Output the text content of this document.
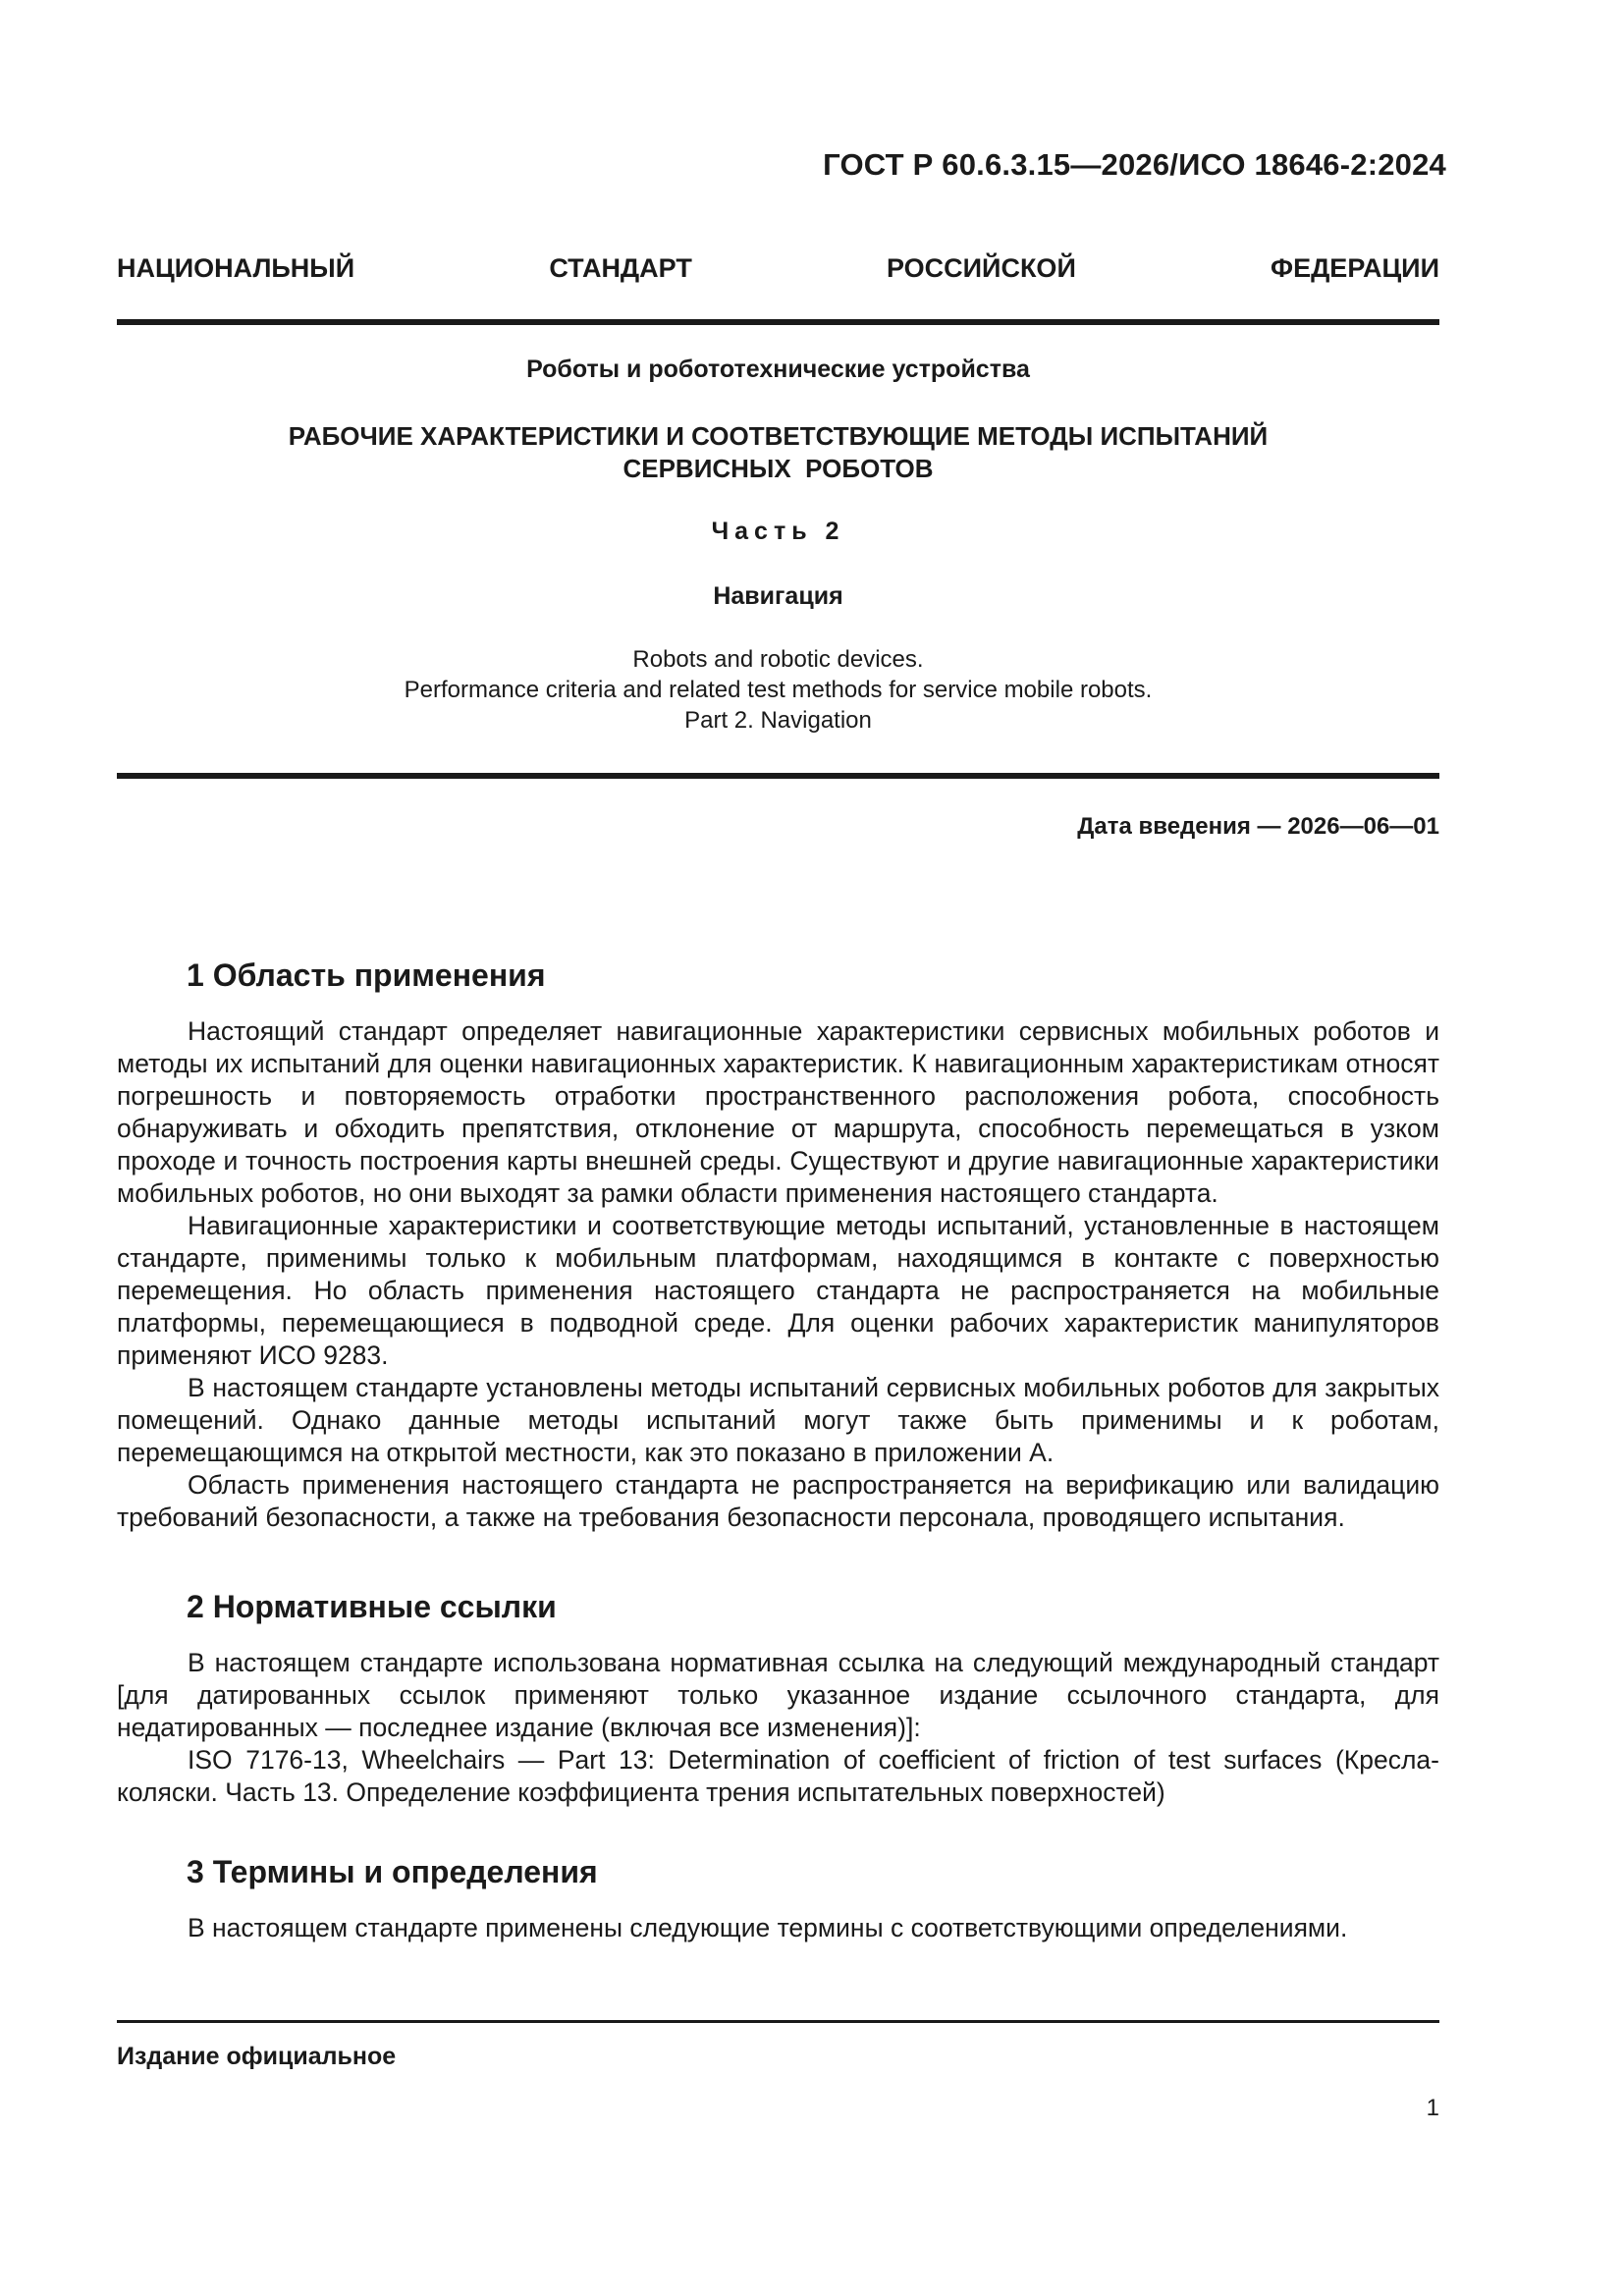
ГОСТ Р 60.6.3.15—2026/ИСО 18646-2:2024
НАЦИОНАЛЬНЫЙ СТАНДАРТ РОССИЙСКОЙ ФЕДЕРАЦИИ
Роботы и робототехнические устройства
РАБОЧИЕ ХАРАКТЕРИСТИКИ И СООТВЕТСТВУЮЩИЕ МЕТОДЫ ИСПЫТАНИЙ
СЕРВИСНЫХ  РОБОТОВ
Часть 2
Навигация
Robots and robotic devices.
Performance criteria and related test methods for service mobile robots.
Part 2. Navigation
Дата введения — 2026—06—01
1 Область применения

Настоящий стандарт определяет навигационные характеристики сервисных мобильных роботов и методы их испытаний для оценки навигационных характеристик. К навигационным характеристикам относят погрешность и повторяемость отработки пространственного расположения робота, способность обнаруживать и обходить препятствия, отклонение от маршрута, способность перемещаться в узком проходе и точность построения карты внешней среды. Существуют и другие навигационные характеристики мобильных роботов, но они выходят за рамки области применения настоящего стандарта.

Навигационные характеристики и соответствующие методы испытаний, установленные в настоящем стандарте, применимы только к мобильным платформам, находящимся в контакте с поверхностью перемещения. Но область применения настоящего стандарта не распространяется на мобильные платформы, перемещающиеся в подводной среде. Для оценки рабочих характеристик манипуляторов применяют ИСО 9283.

В настоящем стандарте установлены методы испытаний сервисных мобильных роботов для закрытых помещений. Однако данные методы испытаний могут также быть применимы и к роботам, перемещающимся на открытой местности, как это показано в приложении А.

Область применения настоящего стандарта не распространяется на верификацию или валидацию требований безопасности, а также на требования безопасности персонала, проводящего испытания.

2 Нормативные ссылки

В настоящем стандарте использована нормативная ссылка на следующий международный стандарт [для датированных ссылок применяют только указанное издание ссылочного стандарта, для недатированных — последнее издание (включая все изменения)]:

ISO 7176-13, Wheelchairs — Part 13: Determination of coefficient of friction of test surfaces (Кресла-коляски. Часть 13. Определение коэффициента трения испытательных поверхностей)

3 Термины и определения

В настоящем стандарте применены следующие термины с соответствующими определениями.

Издание официальное
1
